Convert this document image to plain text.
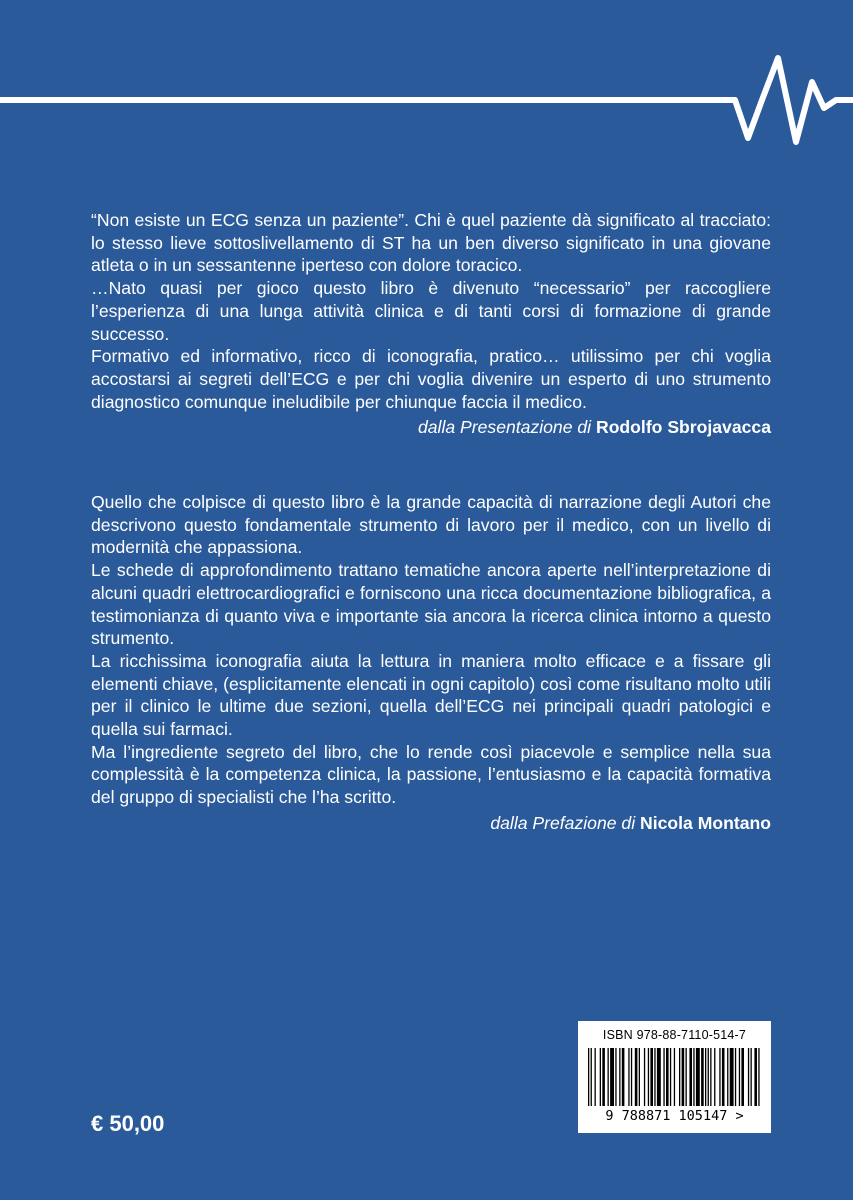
“Non esiste un ECG senza un paziente”. Chi è quel paziente dà significato al tracciato: lo stesso lieve sottoslivellamento di ST ha un ben diverso significato in una giovane atleta o in un sessantenne iperteso con dolore toracico.

…Nato quasi per gioco questo libro è divenuto “necessario” per raccogliere l’esperienza di una lunga attività clinica e di tanti corsi di formazione di grande successo.

Formativo ed informativo, ricco di iconografia, pratico… utilissimo per chi voglia accostarsi ai segreti dell’ECG e per chi voglia divenire un esperto di uno strumento diagnostico comunque ineludibile per chiunque faccia il medico.

dalla Presentazione di Rodolfo Sbrojavacca

Quello che colpisce di questo libro è la grande capacità di narrazione degli Autori che descrivono questo fondamentale strumento di lavoro per il medico, con un livello di modernità che appassiona.

Le schede di approfondimento trattano tematiche ancora aperte nell’interpretazione di alcuni quadri elettrocardiografici e forniscono una ricca documentazione bibliografica, a testimonianza di quanto viva e importante sia ancora la ricerca clinica intorno a questo strumento.

La ricchissima iconografia aiuta la lettura in maniera molto efficace e a fissare gli elementi chiave, (esplicitamente elencati in ogni capitolo) così come risultano molto utili per il clinico le ultime due sezioni, quella dell’ECG nei principali quadri patologici e quella sui farmaci.

Ma l’ingrediente segreto del libro, che lo rende così piacevole e semplice nella sua complessità è la competenza clinica, la passione, l’entusiasmo e la capacità formativa del gruppo di specialisti che l’ha scritto.

dalla Prefazione di Nicola Montano
€ 50,00
ISBN 978-88-7110-514-7
9 788871 105147 >
